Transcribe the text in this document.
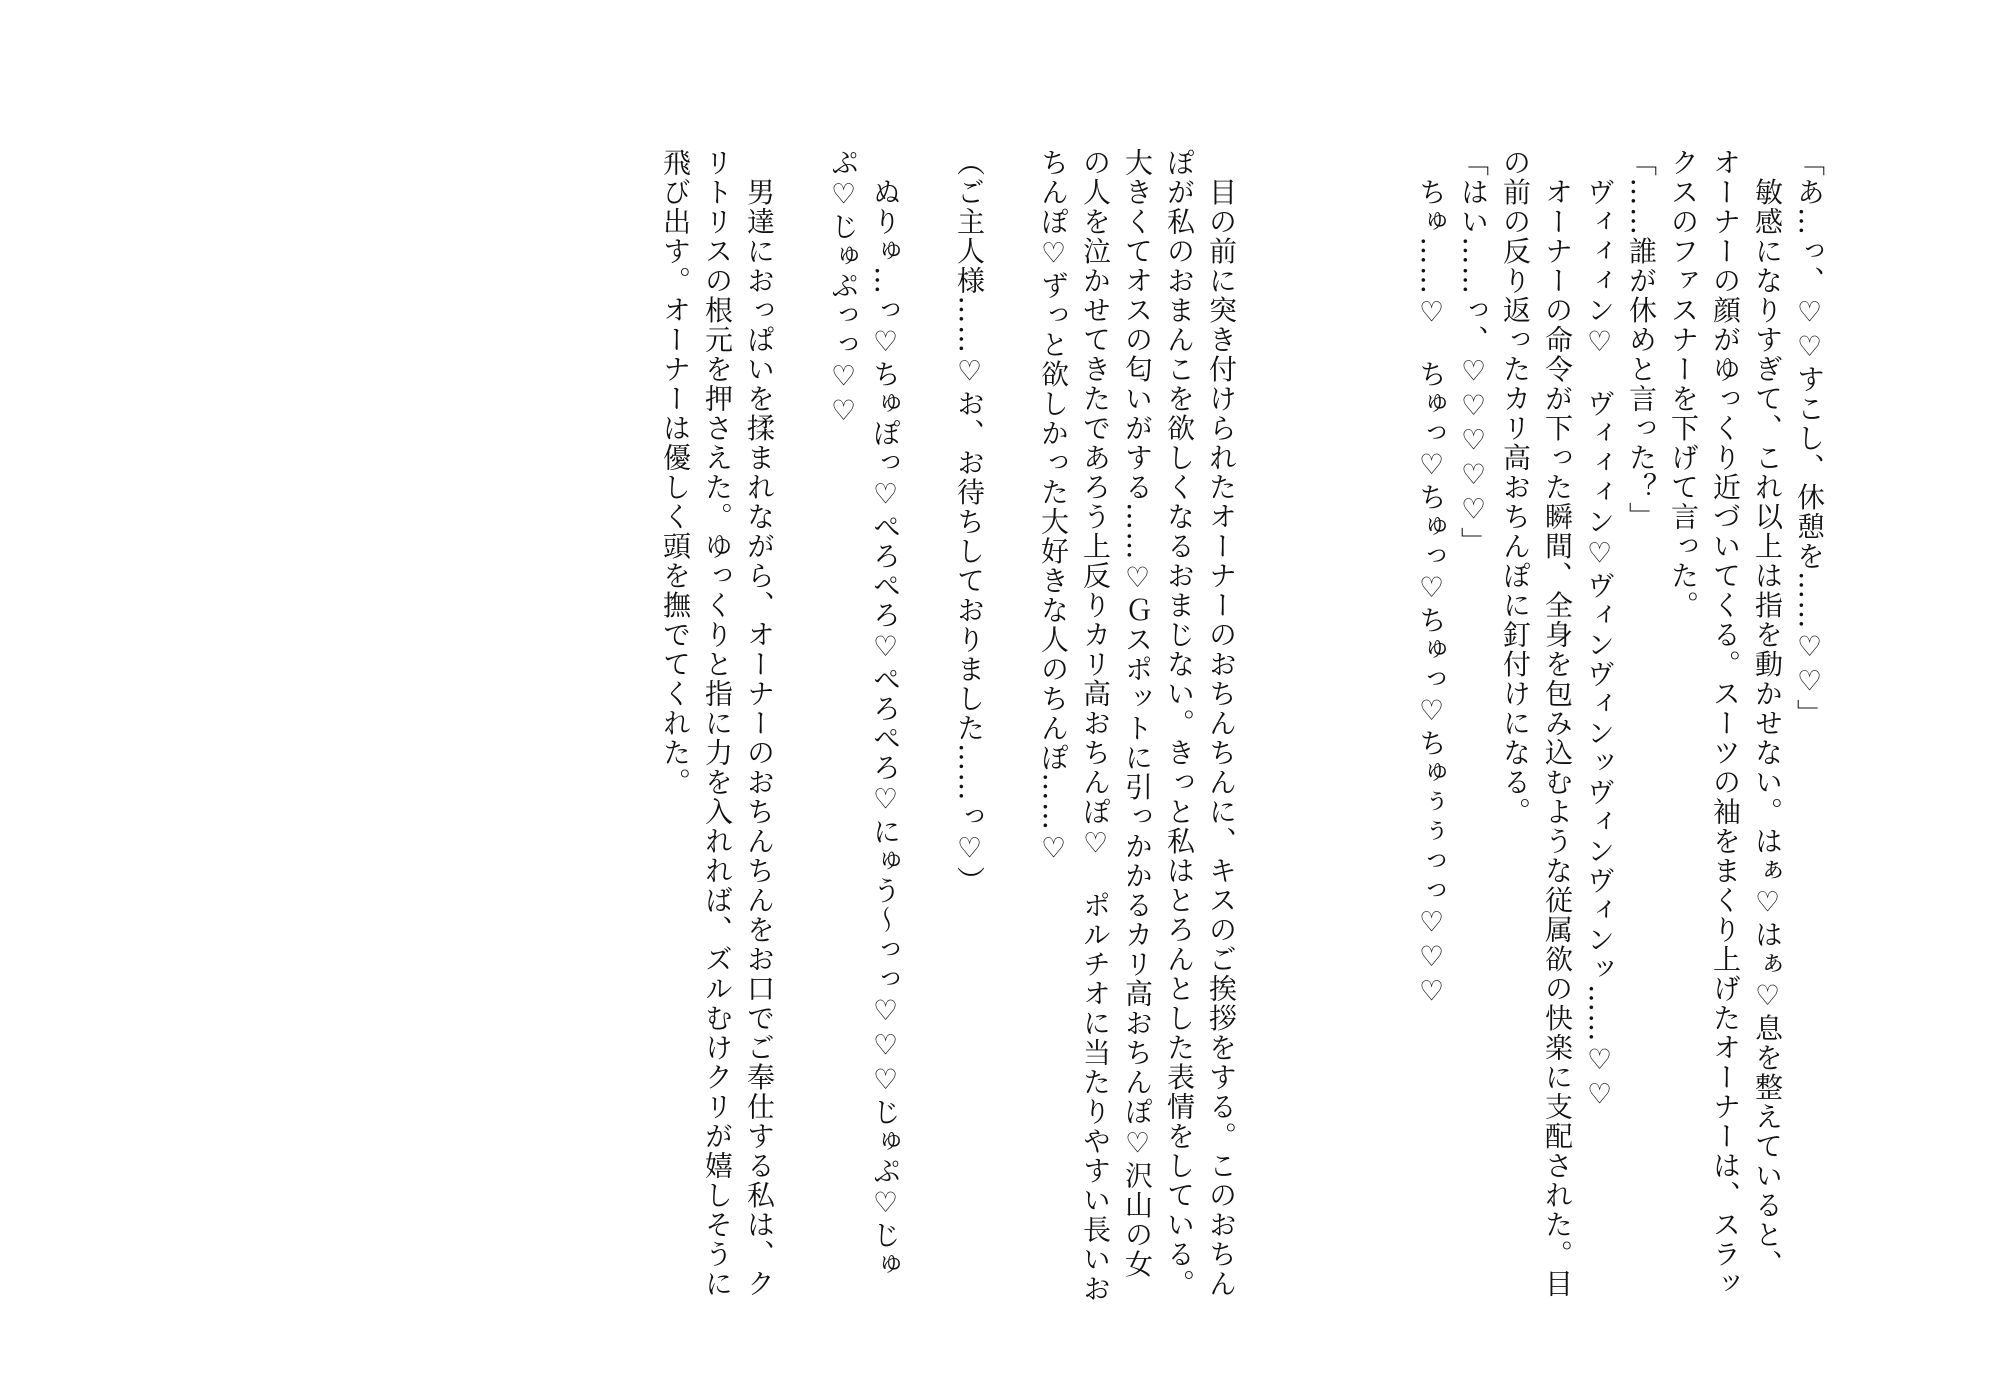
「あ…っ、♡♡すこし、休憩を……♡♡」

　敏感になりすぎて、これ以上は指を動かせない。はぁ♡はぁ♡息を整えていると、オーナーの顔がゆっくり近づいてくる。スーツの袖をまくり上げたオーナーは、スラックスのファスナーを下げて言った。

「……誰が休めと言った？」

　ヴィィィン♡　ヴィィィン♡ヴィンヴィンッヴィンヴィンッ……♡♡

　オーナーの命令が下った瞬間、全身を包み込むような従属欲の快楽に支配された。目の前の反り返ったカリ高おちんぽに釘付けになる。

「はい……っ、♡♡♡♡♡」

　ちゅ……♡　ちゅっ♡ちゅっ♡ちゅっ♡ちゅぅぅっっ♡♡♡

　目の前に突き付けられたオーナーのおちんちんに、キスのご挨拶をする。このおちんぽが私のおまんこを欲しくなるおまじない。きっと私はとろんとした表情をしている。大きくてオスの匂いがする……♡Ｇスポットに引っかかるカリ高おちんぽ♡沢山の女の人を泣かせてきたであろう上反りカリ高おちんぽ♡　ポルチオに当たりやすい長いおちんぽ♡ずっと欲しかった大好きな人のちんぽ……♡

（ご主人様……♡お、お待ちしておりました……っ♡）

　ぬりゅ…っ♡ちゅぽっ♡ぺろぺろ♡ぺろぺろ♡にゅう～っっ♡♡♡じゅぷ♡じゅぷ♡じゅぷっっ♡♡

　男達におっぱいを揉まれながら、オーナーのおちんちんをお口でご奉仕する私は、クリトリスの根元を押さえた。ゆっくりと指に力を入れれば、ズルむけクリが嬉しそうに飛び出す。オーナーは優しく頭を撫でてくれた。
